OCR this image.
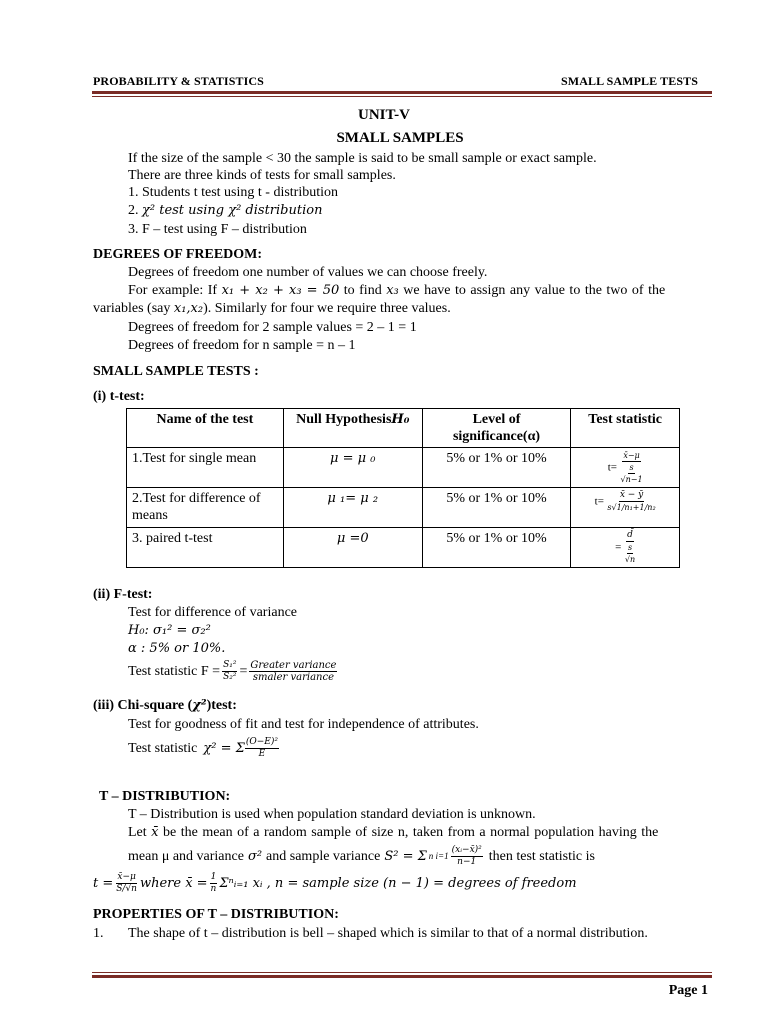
PROBABILITY & STATISTICS	SMALL SAMPLE TESTS
UNIT-V
SMALL SAMPLES
If the size of the sample < 30 the sample is said to be small sample or exact sample.
There are three kinds of tests for small samples.
1. Students t test using t - distribution
2. χ² test using χ² distribution
3. F – test using F – distribution
DEGREES OF FREEDOM:
Degrees of freedom one number of values we can choose freely.
For example: If x₁ + x₂ + x₃ = 50 to find x₃ we have to assign any value to the two of the
variables (say x₁,x₂). Similarly for four we require three values.
Degrees of freedom for 2 sample values = 2 – 1 = 1
Degrees of freedom for n sample = n – 1
SMALL SAMPLE TESTS :
(i) t-test:
Name of the test	Null HypothesisH₀	Level of significance(α)	Test statistic
1.Test for single mean	μ = μ ₀	5% or 1% or 10%	$t= \frac{x̄-\mu}{\frac{s}{√n-1}}$

2.Test for difference of means	μ ₁= μ ₂	5% or 1% or 10%	$t= \frac{x̄ - ȳ}{\text{s√1/n₁+1/n₂}}$

3. paired t-test	μ =0	5% or 1% or 10%	= $\frac{d̄}{\frac{s}{√n}}$
(ii) F-test:
Test for difference of variance
H₀: σ₁² = σ₂²
α : 5% or 10%.
Test statistic $F = \frac{\text{S₁²}}{\text{S₂²}} = \frac{\text{Greater variance}}{\text{smaler variance}}$
(iii) Chi-square (χ²)test:
Test for goodness of fit and test for independence of attributes.
Test statistic χ² = Σ $\frac{\text{(O−E)²}}{E}$
T – DISTRIBUTION:
T – Distribution is used when population standard deviation is unknown.
Let x̄ be the mean of a random sample of size n, taken from a normal population having the
mean μ and variance σ² and sample variance S² = Σ n $i=1 \frac{\text{(xᵢ−x̄)²}}{n-1}$ then test statistic is
$t = \frac{x̄-\mu}{S/√n}$ where x̄ = $\frac{1}{n}$ Σⁿᵢ₌₁ xᵢ , n = sample size (n − 1) = degrees of freedom
PROPERTIES OF T – DISTRIBUTION:
1. The shape of t – distribution is bell – shaped which is similar to that of a normal distribution.
Page 1
